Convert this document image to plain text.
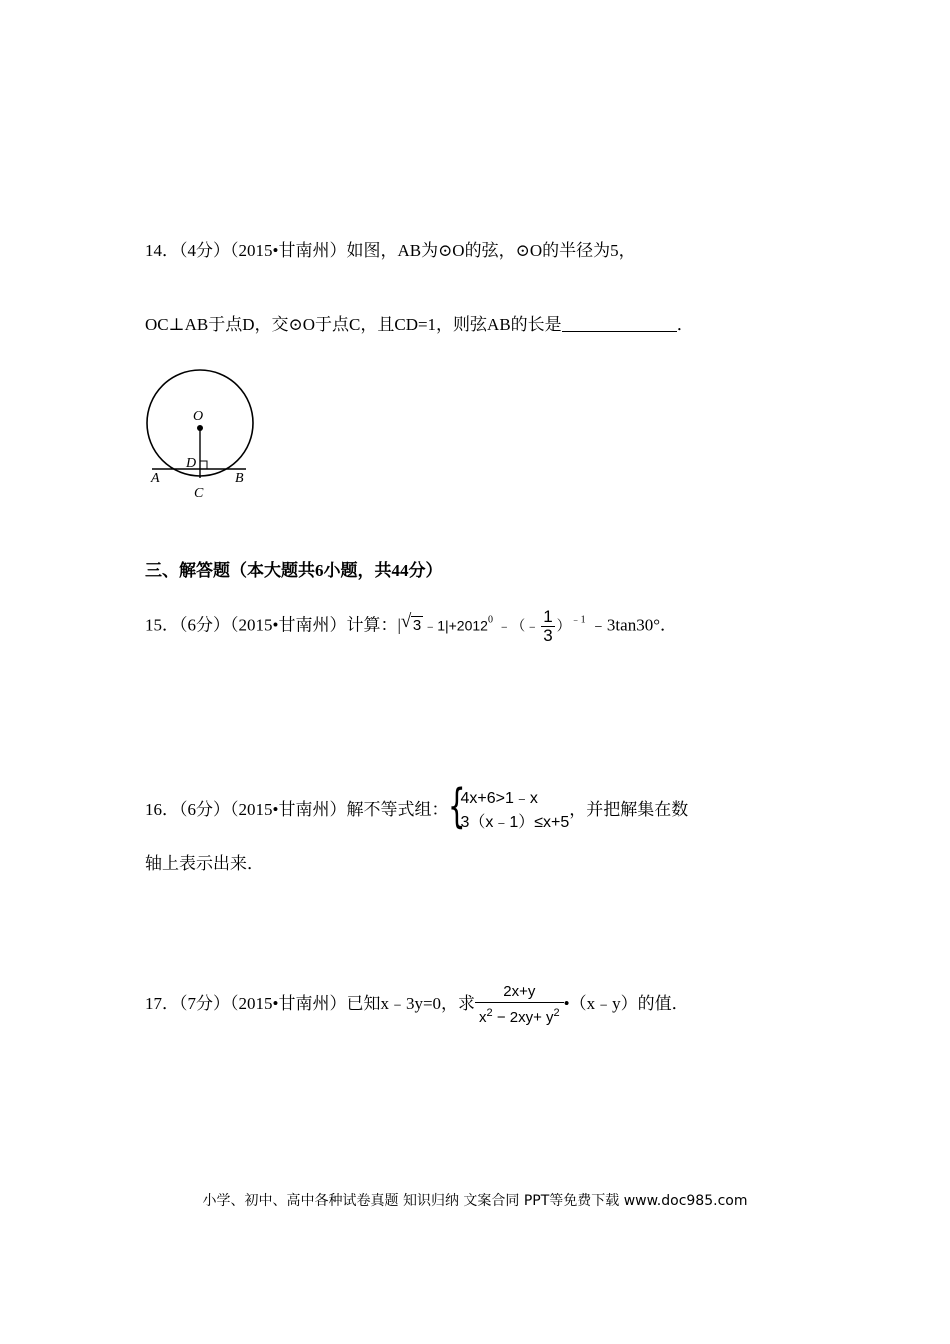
14．（4分）（2015•甘南州）如图，AB为⊙O的弦，⊙O的半径为5，
OC⊥AB于点D，交⊙O于点C，且CD=1，则弦AB的长是	．
O
D
A	B
C
三、解答题（本大题共6小题，共44分）
15．（6分）（2015•甘南州）计算：| √ 3 $﹣1|+2012^0$ ﹣（﹣ $\frac{1}{3} )^{﹣1}$ ﹣3tan30°．
16．（6分）（2015•甘南州）解不等式组： {
4x+6>1﹣x
3（x﹣1）≤x+5
，并把解集在数
轴上表示出来．
17．（7分）（2015•甘南州）已知x﹣3y=0，求 $\frac{2x+y}{x^2 - 2xy+ y^2}$ •（x﹣y）的值．
小学、初中、高中各种试卷真题 知识归纳 文案合同 PPT等免费下载 www.doc985.com
